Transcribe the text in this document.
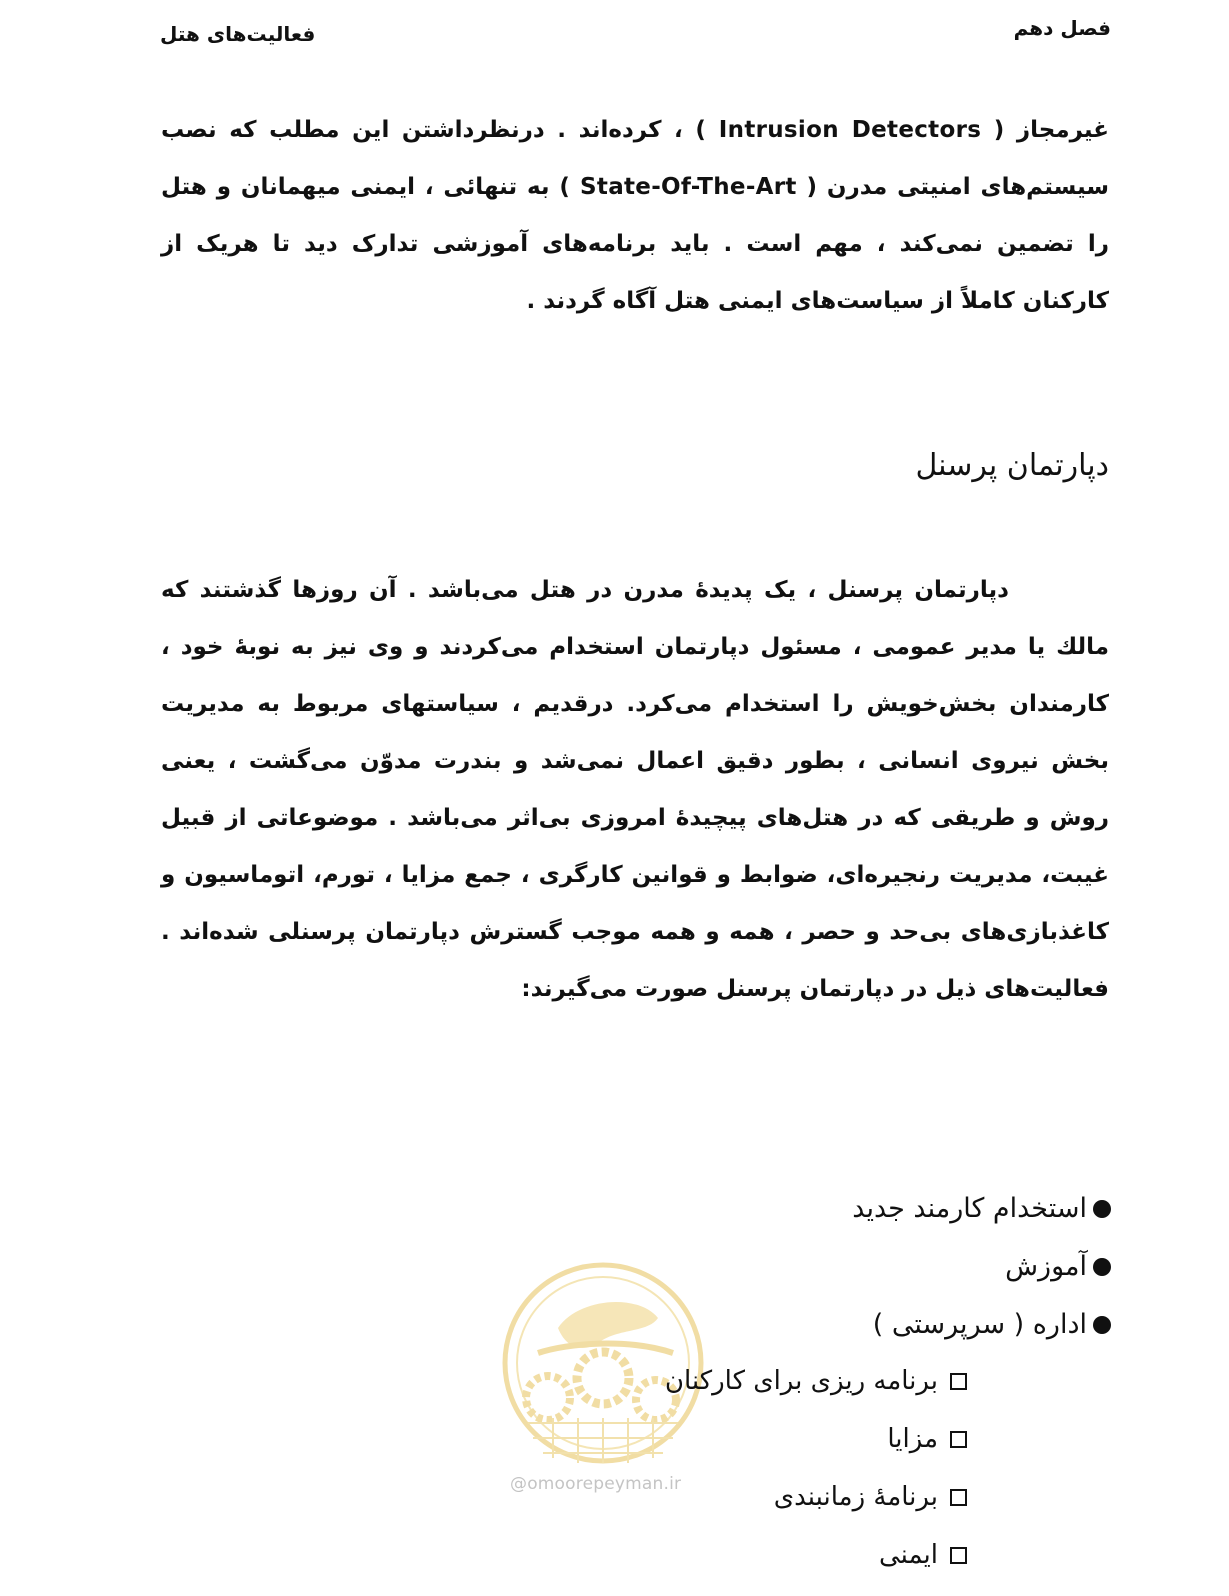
فصل دهم
فعالیت‌های هتل

غیرمجاز ( Intrusion Detectors ) ، کرده‌اند . درنظرداشتن این مطلب که نصب سیستم‌های امنیتی مدرن ( State-Of-The-Art ) به تنهائی ، ایمنی میهمانان و هتل را تضمین نمی‌کند ، مهم است . باید برنامه‌های آموزشی تدارک دید تا هریک از کارکنان کاملاً از سیاست‌های ایمنی هتل آگاه گردند .

دپارتمان پرسنل

دپارتمان پرسنل ، یک پدیدهٔ مدرن در هتل می‌باشد . آن روزها گذشتند که مالك یا مدیر عمومی ، مسئول دپارتمان استخدام می‌کردند و وی نیز به نوبهٔ خود ، کارمندان بخش‌خویش را استخدام می‌کرد. درقدیم ، سیاستهای مربوط به مدیریت بخش نیروی انسانی ، بطور دقیق اعمال نمی‌شد و بندرت مدوّن می‌گشت ، یعنی روش و طریقی که در هتل‌های پیچیدهٔ امروزی بی‌اثر می‌باشد . موضوعاتی از قبیل غیبت، مدیریت رنجیره‌ای، ضوابط و قوانین کارگری ، جمع مزایا ، تورم، اتوماسیون و کاغذبازی‌های بی‌حد و حصر ، همه و همه موجب گسترش دپارتمان پرسنلی شده‌اند . فعالیت‌های ذیل در دپارتمان پرسنل صورت می‌گیرند:

استخدام کارمند جدید
آموزش
اداره ( سرپرستی )
@omoorepeyman.ir
برنامه ریزی برای کارکنان
مزایا
برنامهٔ زمانبندی
ایمنی
